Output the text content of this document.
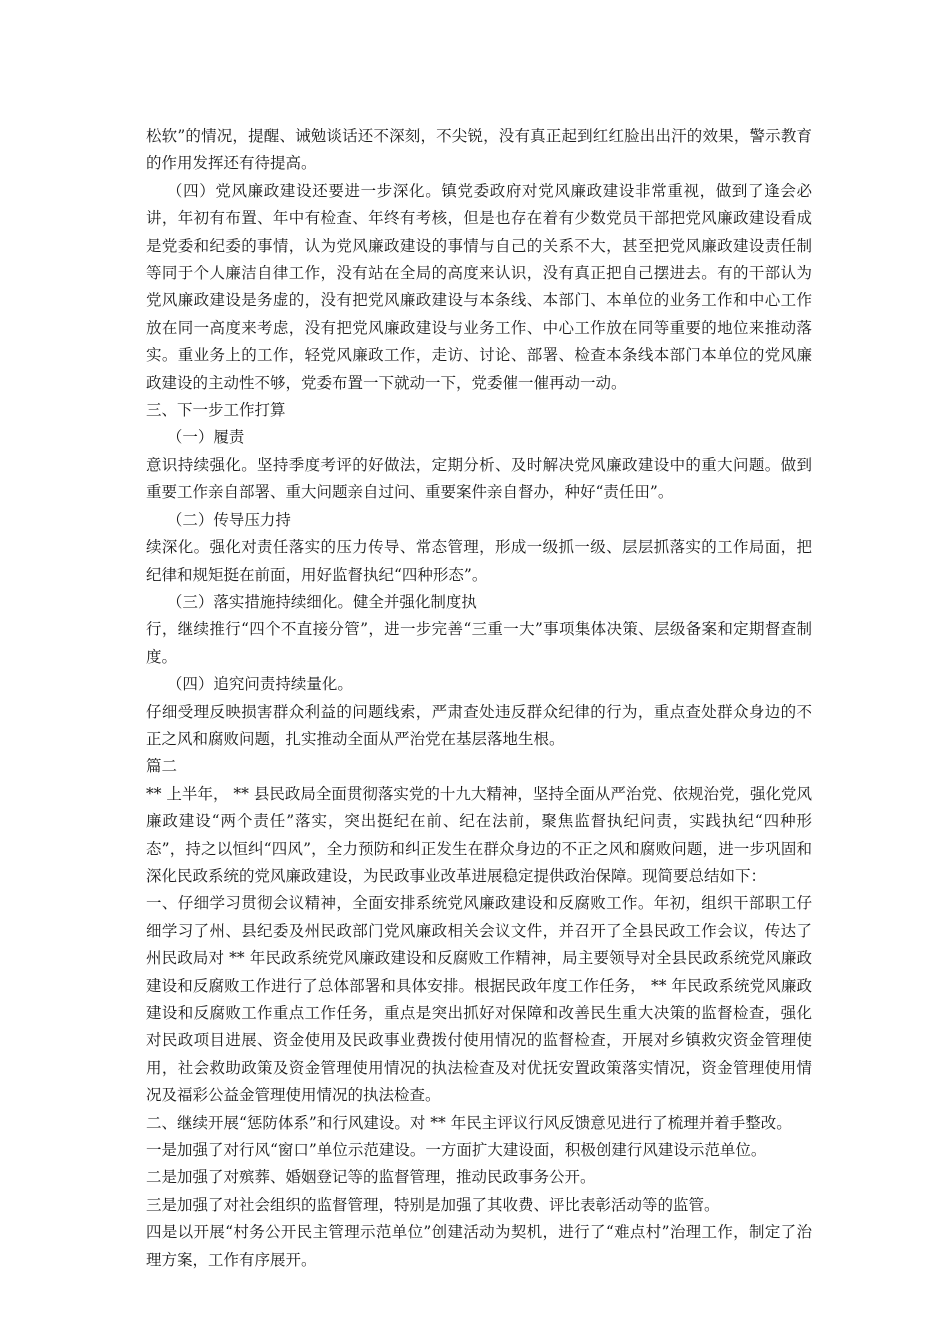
松软”的情况，提醒、诫勉谈话还不深刻，不尖锐，没有真正起到红红脸出出汗的效果，警示教育的作用发挥还有待提高。

（四）党风廉政建设还要进一步深化。镇党委政府对党风廉政建设非常重视，做到了逢会必讲，年初有布置、年中有检查、年终有考核，但是也存在着有少数党员干部把党风廉政建设看成是党委和纪委的事情，认为党风廉政建设的事情与自己的关系不大，甚至把党风廉政建设责任制等同于个人廉洁自律工作，没有站在全局的高度来认识，没有真正把自己摆进去。有的干部认为党风廉政建设是务虚的，没有把党风廉政建设与本条线、本部门、本单位的业务工作和中心工作放在同一高度来考虑，没有把党风廉政建设与业务工作、中心工作放在同等重要的地位来推动落实。重业务上的工作，轻党风廉政工作，走访、讨论、部署、检查本条线本部门本单位的党风廉政建设的主动性不够，党委布置一下就动一下，党委催一催再动一动。

三、下一步工作打算

（一）履责

意识持续强化。坚持季度考评的好做法，定期分析、及时解决党风廉政建设中的重大问题。做到重要工作亲自部署、重大问题亲自过问、重要案件亲自督办，种好“责任田”。

（二）传导压力持

续深化。强化对责任落实的压力传导、常态管理，形成一级抓一级、层层抓落实的工作局面，把纪律和规矩挺在前面，用好监督执纪“四种形态”。

（三）落实措施持续细化。健全并强化制度执

行，继续推行“四个不直接分管”，进一步完善“三重一大”事项集体决策、层级备案和定期督查制度。

（四）追究问责持续量化。

仔细受理反映损害群众利益的问题线索，严肃查处违反群众纪律的行为，重点查处群众身边的不正之风和腐败问题，扎实推动全面从严治党在基层落地生根。

篇二

** 上半年， ** 县民政局全面贯彻落实党的十九大精神，坚持全面从严治党、依规治党，强化党风廉政建设“两个责任”落实，突出挺纪在前、纪在法前，聚焦监督执纪问责，实践执纪“四种形态”，持之以恒纠“四风”，全力预防和纠正发生在群众身边的不正之风和腐败问题，进一步巩固和深化民政系统的党风廉政建设，为民政事业改革进展稳定提供政治保障。现简要总结如下：

一、仔细学习贯彻会议精神，全面安排系统党风廉政建设和反腐败工作。年初，组织干部职工仔细学习了州、县纪委及州民政部门党风廉政相关会议文件，并召开了全县民政工作会议，传达了州民政局对 ** 年民政系统党风廉政建设和反腐败工作精神，局主要领导对全县民政系统党风廉政建设和反腐败工作进行了总体部署和具体安排。根据民政年度工作任务， ** 年民政系统党风廉政建设和反腐败工作重点工作任务，重点是突出抓好对保障和改善民生重大决策的监督检查，强化对民政项目进展、资金使用及民政事业费拨付使用情况的监督检查，开展对乡镇救灾资金管理使用，社会救助政策及资金管理使用情况的执法检查及对优抚安置政策落实情况，资金管理使用情况及福彩公益金管理使用情况的执法检查。

二、继续开展“惩防体系”和行风建设。对 ** 年民主评议行风反馈意见进行了梳理并着手整改。

一是加强了对行风“窗口”单位示范建设。一方面扩大建设面，积极创建行风建设示范单位。

二是加强了对殡葬、婚姻登记等的监督管理，推动民政事务公开。

三是加强了对社会组织的监督管理，特别是加强了其收费、评比表彰活动等的监管。

四是以开展“村务公开民主管理示范单位”创建活动为契机，进行了“难点村”治理工作，制定了治理方案，工作有序展开。
